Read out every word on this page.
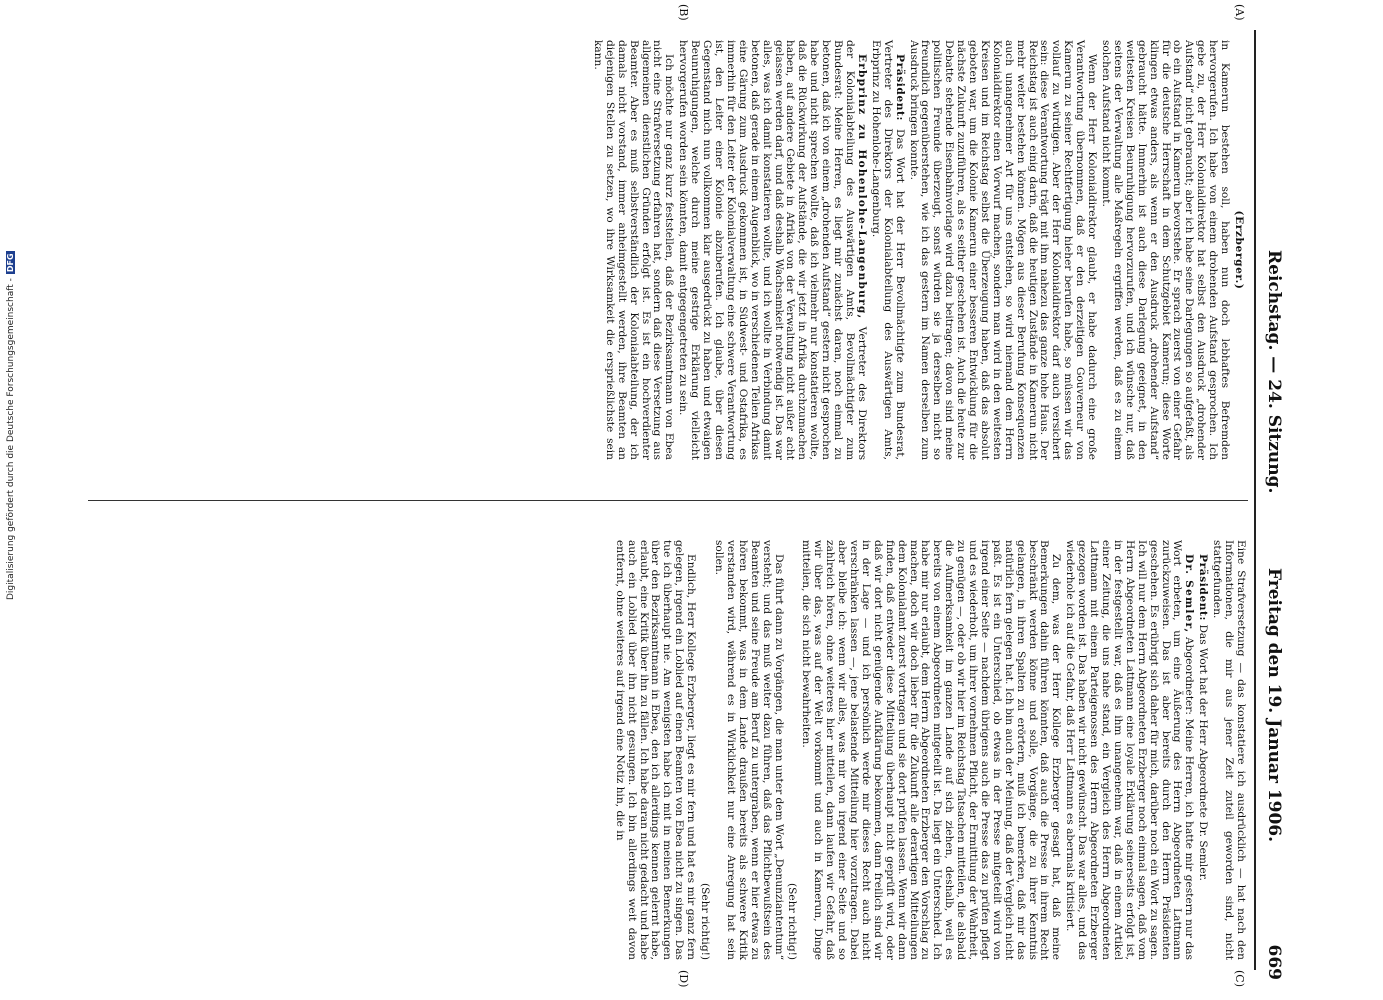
Reichstag. — 24. Sitzung.
Freitag den 19. Januar 1906.
669
(A)
(B)
(C)
(D)

(Erzberger.)

in Kamerun bestehen soll, haben nun doch lebhaftes Befremden hervorgerufen. Ich habe von einem drohenden Aufstand gesprochen. Ich gebe zu, der Herr Kolonialdirektor hat selbst den Ausdruck „drohender Aufstand“ nicht gebraucht; aber ich habe seine Darlegungen so aufgefaßt, als ob ein Aufstand in Kamerun bevorstehe. Er sprach zuerst von einer Gefahr für die deutsche Herrschaft in dem Schutzgebiet Kamerun; diese Worte klingen etwas anders, als wenn er den Ausdruck „drohender Aufstand“ gebraucht hätte. Immerhin ist auch diese Darlegung geeignet, in den weitesten Kreisen Beunruhigung hervorzurufen, und ich wünsche nur, daß seitens der Verwaltung alle Maßregeln ergriffen werden, daß es zu einem solchen Aufstand nicht kommt.

Wenn der Herr Kolonialdirektor glaubt, er habe dadurch eine große Verantwortung übernommen, daß er den derzeitigen Gouverneur von Kamerun zu seiner Rechtfertigung hieher berufen habe, so müssen wir das vollauf zu würdigen. Aber der Herr Kolonialdirektor darf auch versichert sein: diese Verantwortung trägt mit ihm nahezu das ganze hohe Haus. Der Reichstag ist auch einig darin, daß die heutigen Zustände in Kamerun nicht mehr weiter bestehen können. Mögen aus dieser Berufung Konsequenzen auch unangenehmer Art für uns entstehen, so wird niemand dem Herrn Kolonialdirektor einen Vorwurf machen, sondern man wird in den weitesten Kreisen und im Reichstag selbst die Überzeugung haben, daß das absolut geboten war, um die Kolonie Kamerun einer besseren Entwicklung für die nächste Zukunft zuzuführen, als es seither geschehen ist. Auch die heute zur Debatte stehende Eisenbahnvorlage wird dazu beitragen; davon sind meine politischen Freunde überzeugt, sonst würden sie ja derselben nicht so freundlich gegenüberstehen, wie ich das gestern im Namen derselben zum Ausdruck bringen konnte.

Präsident: Das Wort hat der Herr Bevollmächtigte zum Bundesrat, Vertreter des Direktors der Kolonialabteilung des Auswärtigen Amts, Erbprinz zu Hohenlohe-Langenburg.

Erbprinz zu Hohenlohe-Langenburg, Vertreter des Direktors der Kolonialabteilung des Auswärtigen Amts, Bevollmächtigter zum Bundesrat: Meine Herren, es liegt mir zunächst daran, noch einmal zu betonen, daß ich von einem „drohenden Aufstand“ gestern nicht gesprochen habe und nicht sprechen wollte, daß ich vielmehr nur konstatieren wollte, daß die Rückwirkung der Aufstände, die wir jetzt in Afrika durchzumachen haben, auf andere Gebiete in Afrika von der Verwaltung nicht außer acht gelassen werden darf, und daß deshalb Wachsamkeit notwendig ist. Das war alles, was ich damit konstatieren wollte, und ich wollte in Verbindung damit betonen, daß gerade in einem Augenblick, wo in verschiedenen Teilen Afrikas eine Gärung zum Ausdruck gekommen ist, in Südwest- und Ostafrika, es immerhin für den Leiter der Kolonialverwaltung eine schwere Verantwortung ist, den Leiter einer Kolonie abzuberufen. Ich glaube, über diesen Gegenstand mich nun vollkommen klar ausgedrückt zu haben und etwaigen Beunruhigungen, welche durch meine gestrige Erklärung vielleicht hervorgerufen worden sein könnten, damit entgegengetreten zu sein.

Ich möchte nur ganz kurz feststellen, daß der Bezirksamtmann von Ebea nicht eine Strafversetzung erfahren hat, sondern daß diese Versetzung aus allgemeinen dienstlichen Gründen erfolgt ist. Es ist ein hochverdienter Beamter. Aber es muß selbstverständlich der Kolonialabteilung, der ich damals nicht vorstand, immer anheimgestellt werden, ihre Beamten an diejenigen Stellen zu setzen, wo ihre Wirksamkeit die ersprießlichste sein kann.

Eine Strafversetzung — das konstatiere ich ausdrücklich — hat nach den Informationen, die mir aus jener Zeit zuteil geworden sind, nicht stattgefunden.

Präsident: Das Wort hat der Herr Abgeordnete Dr. Semler.

Dr. Semler, Abgeordneter: Meine Herren, ich hatte mir gestern nur das Wort erbeten, um eine Äußerung des Herrn Abgeordneten Lattmann zurückzuweisen. Das ist aber bereits durch den Herrn Präsidenten geschehen. Es erübrigt sich daher für mich, darüber noch ein Wort zu sagen. Ich will nur dem Herrn Abgeordneten Erzberger noch einmal sagen, daß vom Herrn Abgeordneten Lattmann eine loyale Erklärung seinerseits erfolgt ist, in der festgestellt war, daß es ihm unangenehm war, daß in einem Artikel einer Zeitung, die uns nahe stand, ein Vergleich des Herrn Abgeordneten Lattmann mit einem Parteigenossen des Herrn Abgeordneten Erzberger gezogen worden ist. Das haben wir nicht gewünscht. Das war alles, und das wiederhole ich auf die Gefahr, daß Herr Lattmann es abermals kritisiert.

Zu dem, was der Herr Kollege Erzberger gesagt hat, daß meine Bemerkungen dahin führen könnten, daß auch die Presse in ihrem Recht beschränkt werden könne und solle, Vorgänge, die zu ihrer Kenntnis gelangen, in ihren Spalten zu erörtern, muß ich bemerken, daß mir das natürlich fern gelegen hat. Ich bin auch der Meinung, daß der Vergleich nicht paßt. Es ist ein Unterschied, ob etwas in der Presse mitgeteilt wird von irgend einer Seite — nachdem übrigens auch die Presse das zu prüfen pflegt und es wiederholt, um ihrer vornehmen Pflicht, der Ermittlung der Wahrheit, zu genügen —, oder ob wir hier im Reichstag Tatsachen mitteilen, die alsbald die Aufmerksamkeit im ganzen Lande auf sich ziehen, deshalb, weil es bereits von einem Abgeordneten mitgeteilt ist. Da liegt ein Unterschied. Ich habe mir nur erlaubt, dem Herrn Abgeordneten Erzberger den Vorschlag zu machen, doch wir doch lieber für die Zukunft alle derartigen Mitteilungen dem Kolonialamt zuerst vortragen und sie dort prüfen lassen. Wenn wir dann finden, daß entweder diese Mitteilung überhaupt nicht geprüft wird, oder daß wir dort nicht genügende Aufklärung bekommen, dann freilich sind wir in der Lage — und ich persönlich werde mir dieses Recht auch nicht verschränken lassen —, jene belastende Mitteilung hier vorzutragen. Dabei aber bleibe ich: wenn wir alles, was mir von irgend einer Seite und so zahlreich hören, ohne weiteres hier mitteilen, dann laufen wir Gefahr, daß wir über das, was auf der Welt vorkommt und auch in Kamerun, Dinge mitteilen, die sich nicht bewahrheiten.

(Sehr richtig!)

Das führt dann zu Vorgängen, die man unter dem Wort „Denunziantentum“ versteht; und das muß weiter dazu führen, daß das Pflichtbewußtsein des Beamten und seine Freude am Beruf zu untergraben, wenn er hier etwas zu hören bekommt, was in dem Lande draußen bereits als schwere Kritik verstanden wird, während es in Wirklichkeit nur eine Anregung hat sein sollen.

(Sehr richtig!)

Endlich, Herr Kollege Erzberger, liegt es mir fern und hat es mir ganz fern gelegen, irgend ein Loblied auf einen Beamten von Ebea nicht zu singen. Das tue ich überhaupt nie. Am wenigsten habe ich mit in meinen Bemerkungen über den Bezirksamtmann in Ebea, den ich allerdings kennen gelernt habe, erlaubt, eine Kritik über ihn zu fällen. Ich habe daran nicht gedacht und habe auch ein Loblied über ihn nicht gesungen. Ich bin allerdings weit davon entfernt, ohne weiteres auf irgend eine Notiz hin, die in

Digitalisierung gefördert durch die Deutsche Forschungsgemeinschaft -DFG
